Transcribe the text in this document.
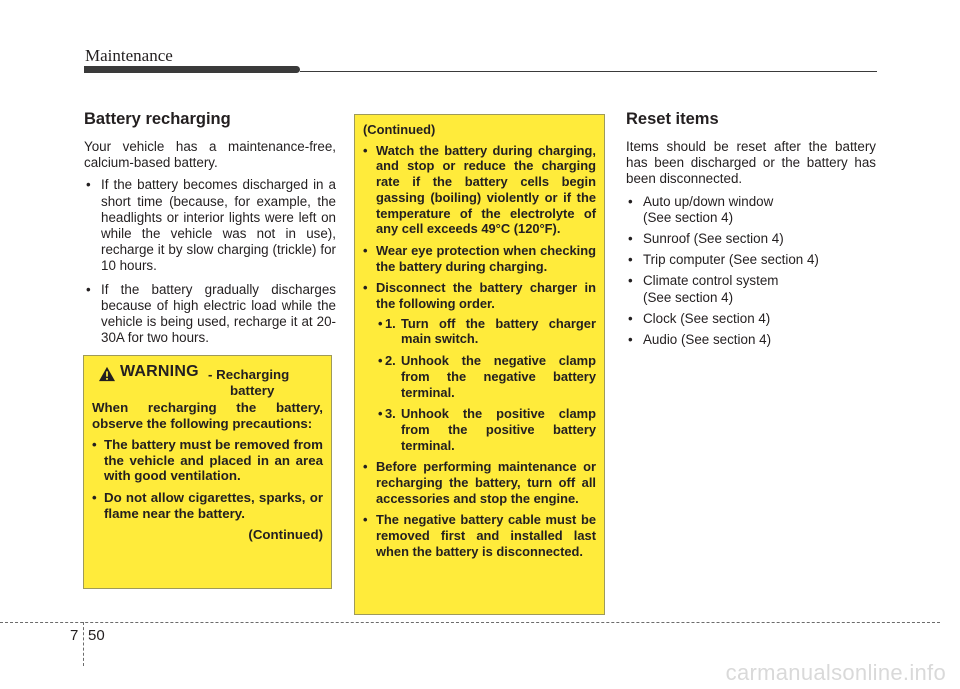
Maintenance
Battery recharging

Your vehicle has a maintenance-free, calcium-based battery.

• If the battery becomes discharged in a short time (because, for example, the headlights or interior lights were left on while the vehicle was not in use), recharge it by slow charging (trickle) for 10 hours.
• If the battery gradually discharges because of high electric load while the vehicle is being used, recharge it at 20-30A for two hours.
WARNING - Recharging
battery

When recharging the battery, observe the following precautions:

• The battery must be removed from the vehicle and placed in an area with good ventilation.
• Do not allow cigarettes, sparks, or flame near the battery.
(Continued)

(Continued)

• Watch the battery during charging, and stop or reduce the charging rate if the battery cells begin gassing (boiling) violently or if the temperature of the electrolyte of any cell exceeds 49°C (120°F).
• Wear eye protection when checking the battery during charging.
• Disconnect the battery charger in the following order.
• 1. Turn off the battery charger main switch.
• 2. Unhook the negative clamp from the negative battery terminal.
• 3. Unhook the positive clamp from the positive battery terminal.
• Before performing maintenance or recharging the battery, turn off all accessories and stop the engine.
• The negative battery cable must be removed first and installed last when the battery is disconnected.
Reset items

Items should be reset after the battery has been discharged or the battery has been disconnected.

• Auto up/down window
(See section 4)
• Sunroof (See section 4)
• Trip computer (See section 4)
• Climate control system
(See section 4)
• Clock (See section 4)
• Audio (See section 4)
7 50
carmanualsonline.info
